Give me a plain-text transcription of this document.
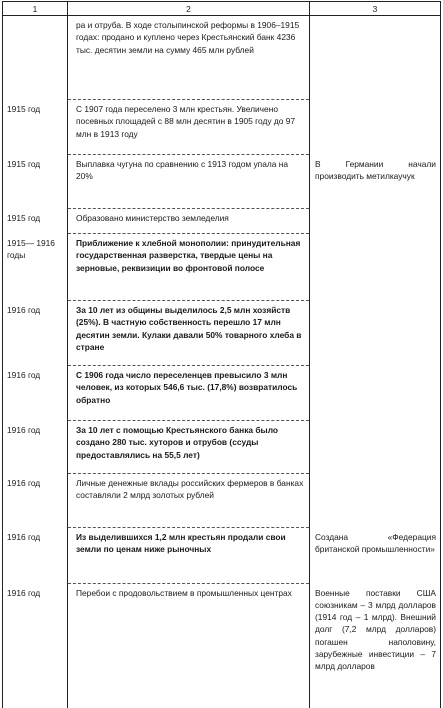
1	2	3
	ра и отруба. В ходе столыпинской реформы в 1906–1915 годах: продано и куплено через Крестьянский банк 4236 тыс. десятин земли на сумму 465 млн рублей	
1915 год	С 1907 года переселено 3 млн крестьян. Увеличено посевных площадей с 88 млн десятин в 1905 году до 97 млн в 1913 году	
1915 год	Выплавка чугуна по сравнению с 1913 годом упала на 20%	В Германии начали производить метилкаучук
1915 год	Образовано министерство земледелия	
1915— 1916 годы	Приближение к хлебной монополии: принудительная государственная разверстка, твердые цены на зерновые, реквизиции во фронтовой полосе	
1916 год	За 10 лет из общины выделилось 2,5 млн хозяйств (25%). В частную собственность перешло 17 млн десятин земли. Кулаки давали 50% товарного хлеба в стране	
1916 год	С 1906 года число переселенцев превысило 3 млн человек, из которых 546,6 тыс. (17,8%) возвратилось обратно	
1916 год	За 10 лет с помощью Крестьянского банка было создано 280 тыс. хуторов и отрубов (ссуды предоставлялись на 55,5 лет)	
1916 год	Личные денежные вклады российских фермеров в банках составляли 2 млрд золотых рублей	
1916 год	Из выделившихся 1,2 млн крестьян продали свои земли по ценам ниже рыночных	Создана «Федерация британской промышленности»
1916 год	Перебои с продовольствием в промышленных центрах	Военные поставки США союзникам – 3 млрд долларов (1914 год – 1 млрд). Внешний долг (7,2 млрд долларов) погашен наполовину, зарубежные инвестиции – 7 млрд долларов
